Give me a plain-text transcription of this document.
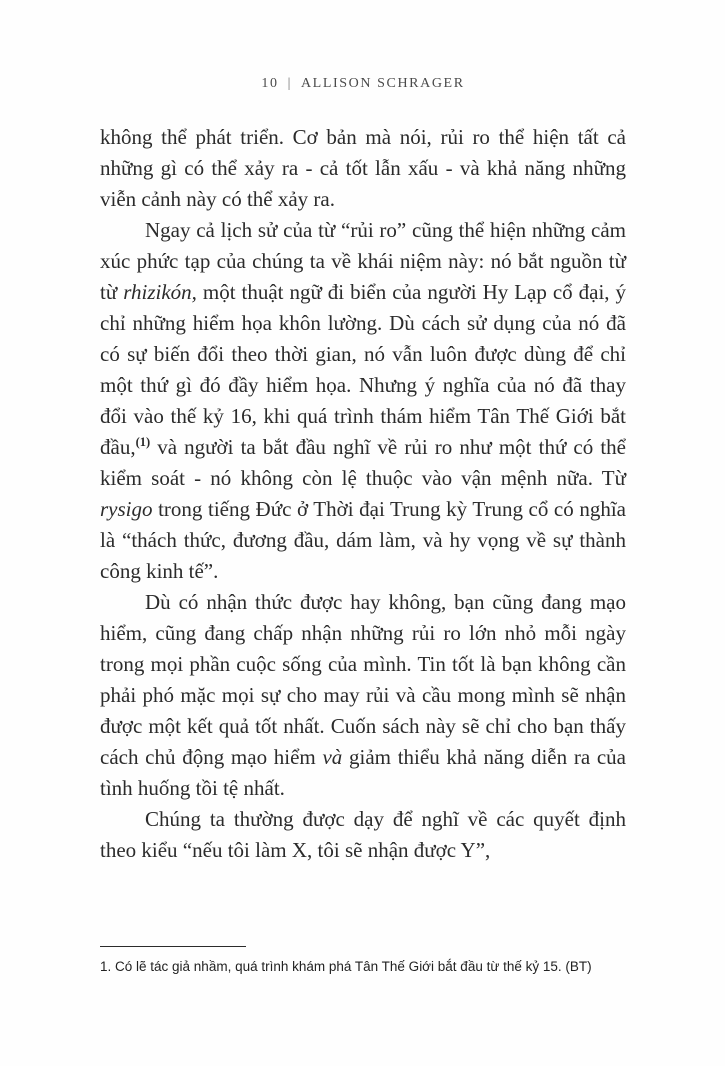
10 | ALLISON SCHRAGER

không thể phát triển. Cơ bản mà nói, rủi ro thể hiện tất cả những gì có thể xảy ra - cả tốt lẫn xấu - và khả năng những viễn cảnh này có thể xảy ra.

Ngay cả lịch sử của từ “rủi ro” cũng thể hiện những cảm xúc phức tạp của chúng ta về khái niệm này: nó bắt nguồn từ từ rhizikón, một thuật ngữ đi biển của người Hy Lạp cổ đại, ý chỉ những hiểm họa khôn lường. Dù cách sử dụng của nó đã có sự biến đổi theo thời gian, nó vẫn luôn được dùng để chỉ một thứ gì đó đầy hiểm họa. Nhưng ý nghĩa của nó đã thay đổi vào thế kỷ 16, khi quá trình thám hiểm Tân Thế Giới bắt đầu,$^{(1)}$ và người ta bắt đầu nghĩ về rủi ro như một thứ có thể kiểm soát - nó không còn lệ thuộc vào vận mệnh nữa. Từ rysigo trong tiếng Đức ở Thời đại Trung kỳ Trung cổ có nghĩa là “thách thức, đương đầu, dám làm, và hy vọng về sự thành công kinh tế”.

Dù có nhận thức được hay không, bạn cũng đang mạo hiểm, cũng đang chấp nhận những rủi ro lớn nhỏ mỗi ngày trong mọi phần cuộc sống của mình. Tin tốt là bạn không cần phải phó mặc mọi sự cho may rủi và cầu mong mình sẽ nhận được một kết quả tốt nhất. Cuốn sách này sẽ chỉ cho bạn thấy cách chủ động mạo hiểm và giảm thiểu khả năng diễn ra của tình huống tồi tệ nhất.

Chúng ta thường được dạy để nghĩ về các quyết định theo kiểu “nếu tôi làm X, tôi sẽ nhận được Y”,

1. Có lẽ tác giả nhầm, quá trình khám phá Tân Thế Giới bắt đầu từ thế kỷ 15. (BT)
